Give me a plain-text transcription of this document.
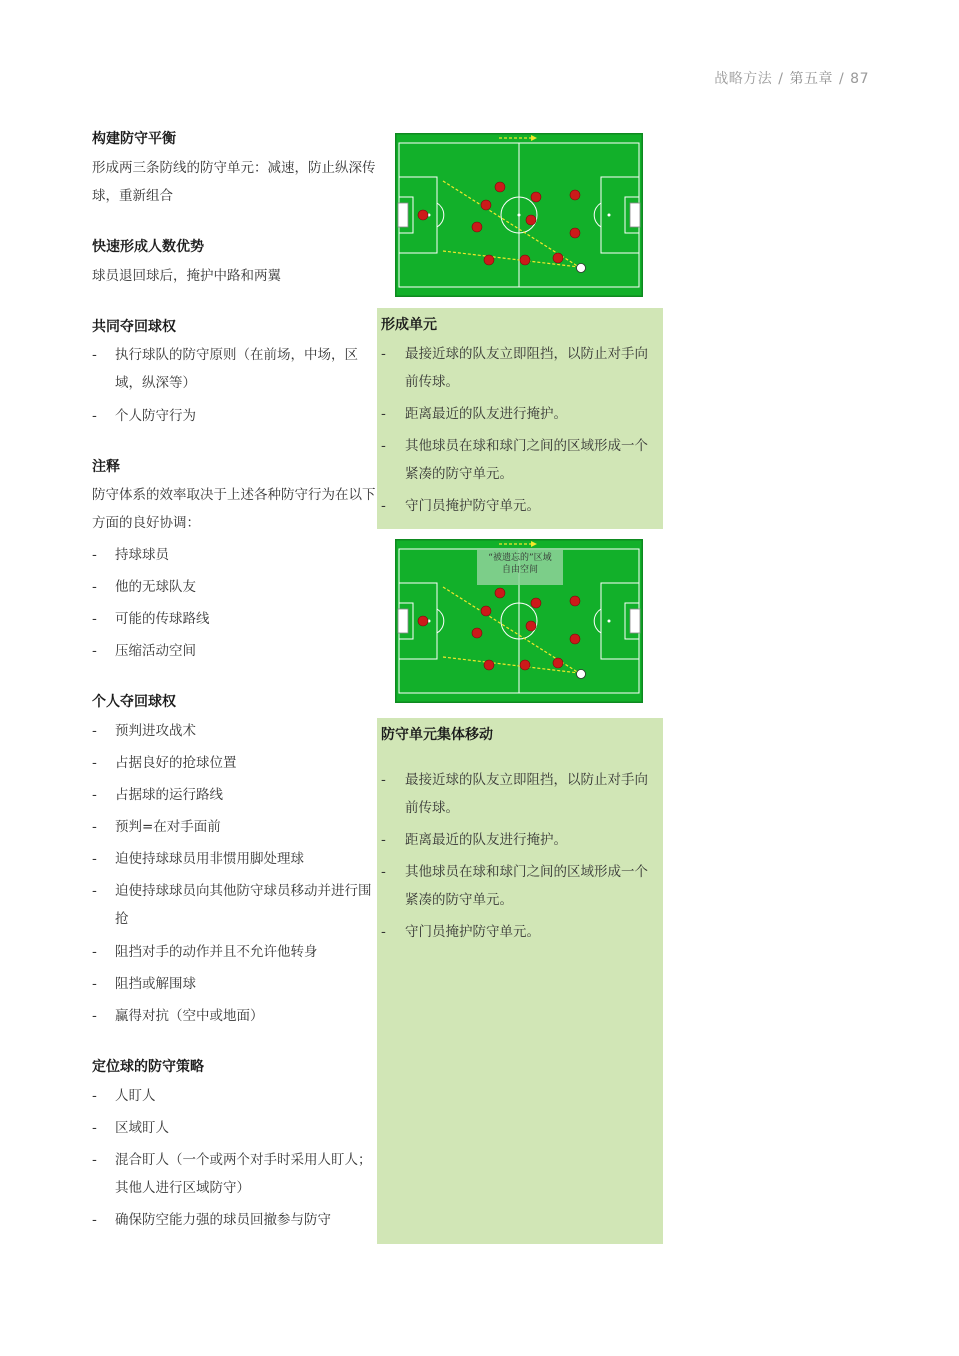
战略方法 / 第五章 / 87
构建防守平衡
形成两三条防线的防守单元：减速，防止纵深传球，重新组合
快速形成人数优势
球员退回球后，掩护中路和两翼
共同夺回球权
- 执行球队的防守原则（在前场，中场，区域，纵深等）
- 个人防守行为
注释
防守体系的效率取决于上述各种防守行为在以下方面的良好协调：
- 持球球员
- 他的无球队友
- 可能的传球路线
- 压缩活动空间
个人夺回球权
- 预判进攻战术
- 占据良好的抢球位置
- 占据球的运行路线
- 预判=在对手面前
- 迫使持球球员用非惯用脚处理球
- 迫使持球球员向其他防守球员移动并进行围抢
- 阻挡对手的动作并且不允许他转身
- 阻挡或解围球
- 赢得对抗（空中或地面）
定位球的防守策略
- 人盯人
- 区域盯人
- 混合盯人（一个或两个对手时采用人盯人；其他人进行区域防守）
- 确保防空能力强的球员回撤参与防守
形成单元
- 最接近球的队友立即阻挡，以防止对手向前传球。
- 距离最近的队友进行掩护。
- 其他球员在球和球门之间的区域形成一个紧凑的防守单元。
- 守门员掩护防守单元。
“被遗忘的”区域
自由空间
防守单元集体移动
- 最接近球的队友立即阻挡，以防止对手向前传球。
- 距离最近的队友进行掩护。
- 其他球员在球和球门之间的区域形成一个紧凑的防守单元。
- 守门员掩护防守单元。
